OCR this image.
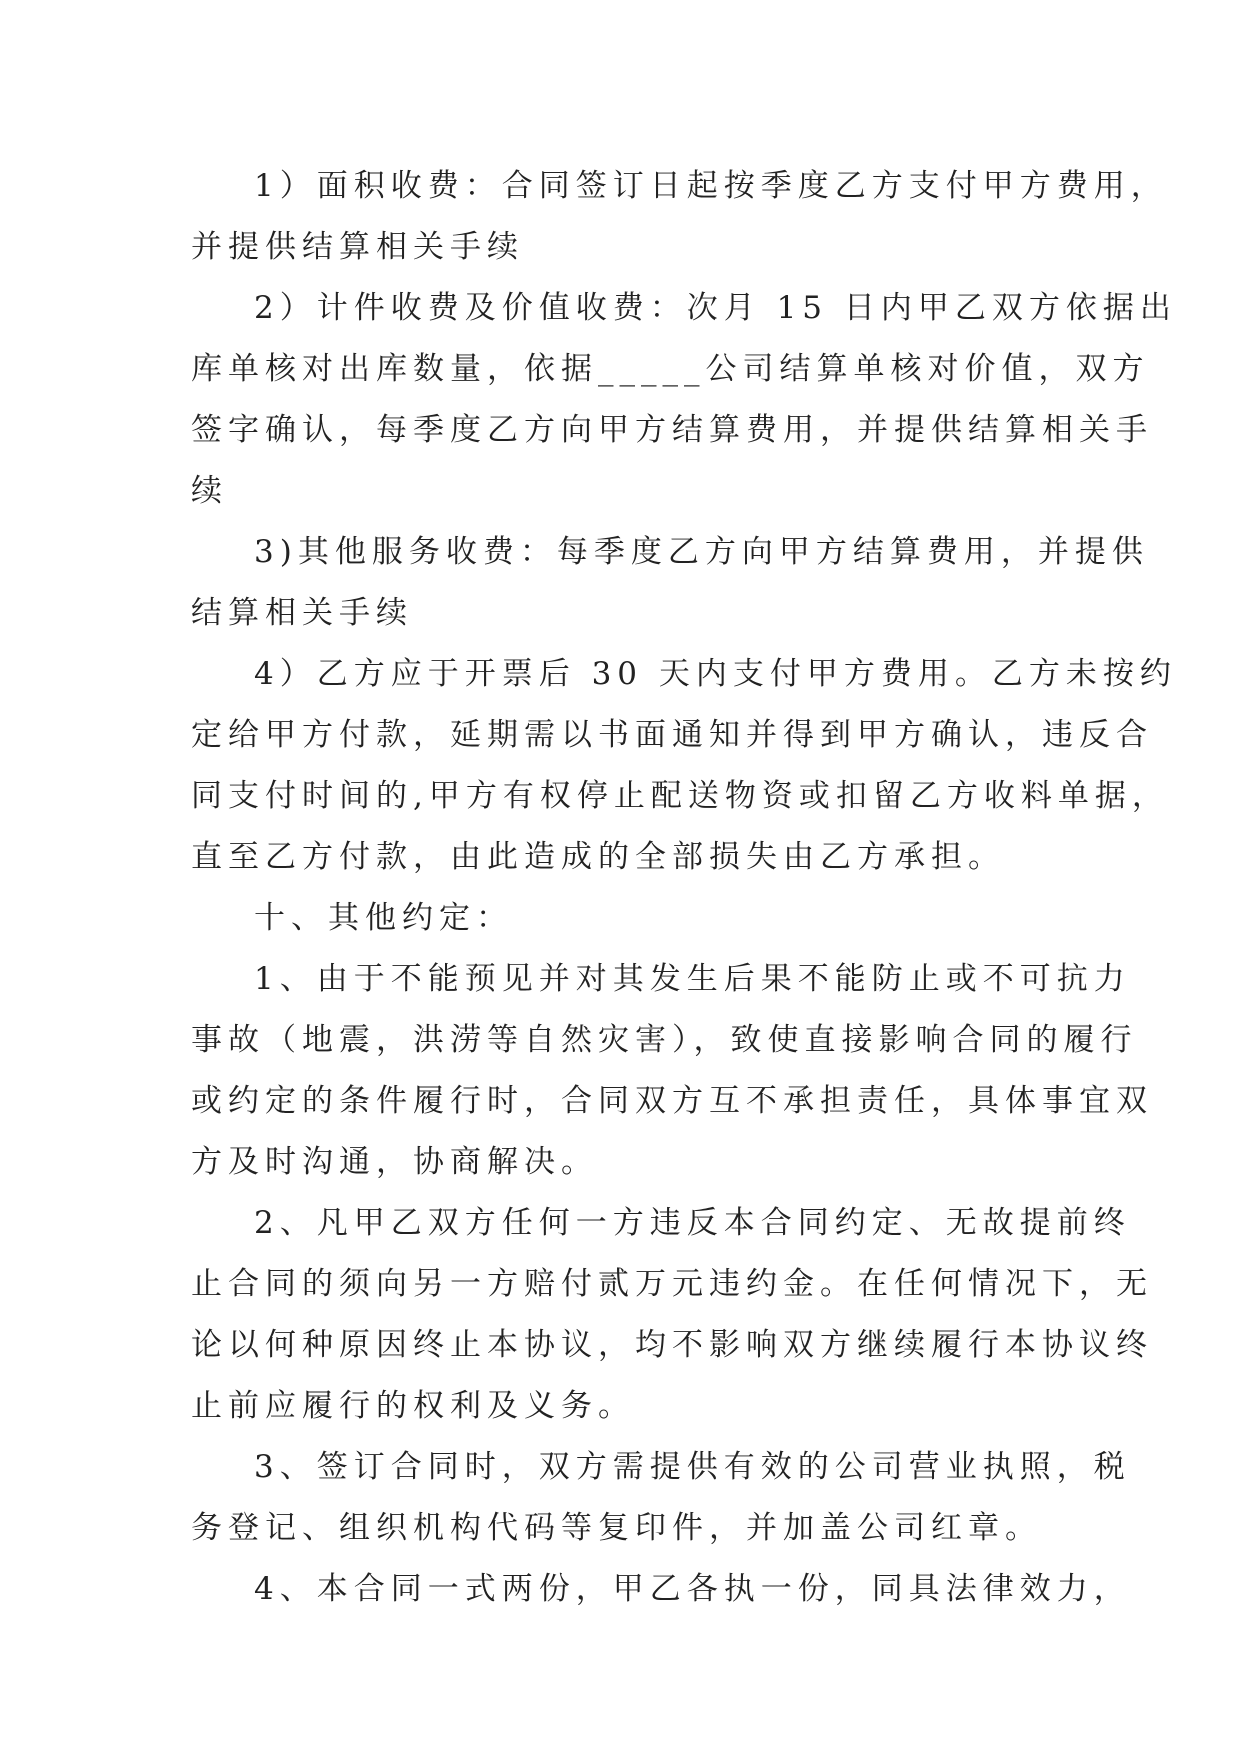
1）面积收费：合同签订日起按季度乙方支付甲方费用，
并提供结算相关手续
2）计件收费及价值收费：次月 15 日内甲乙双方依据出
库单核对出库数量，依据_____公司结算单核对价值，双方
签字确认，每季度乙方向甲方结算费用，并提供结算相关手
续
3)其他服务收费：每季度乙方向甲方结算费用，并提供
结算相关手续
4）乙方应于开票后 30 天内支付甲方费用。乙方未按约
定给甲方付款，延期需以书面通知并得到甲方确认，违反合
同支付时间的,甲方有权停止配送物资或扣留乙方收料单据，
直至乙方付款，由此造成的全部损失由乙方承担。
十、其他约定：
1、由于不能预见并对其发生后果不能防止或不可抗力
事故（地震，洪涝等自然灾害），致使直接影响合同的履行
或约定的条件履行时，合同双方互不承担责任，具体事宜双
方及时沟通，协商解决。
2、凡甲乙双方任何一方违反本合同约定、无故提前终
止合同的须向另一方赔付贰万元违约金。在任何情况下，无
论以何种原因终止本协议，均不影响双方继续履行本协议终
止前应履行的权利及义务。
3、签订合同时，双方需提供有效的公司营业执照，税
务登记、组织机构代码等复印件，并加盖公司红章。
4、本合同一式两份，甲乙各执一份，同具法律效力，
